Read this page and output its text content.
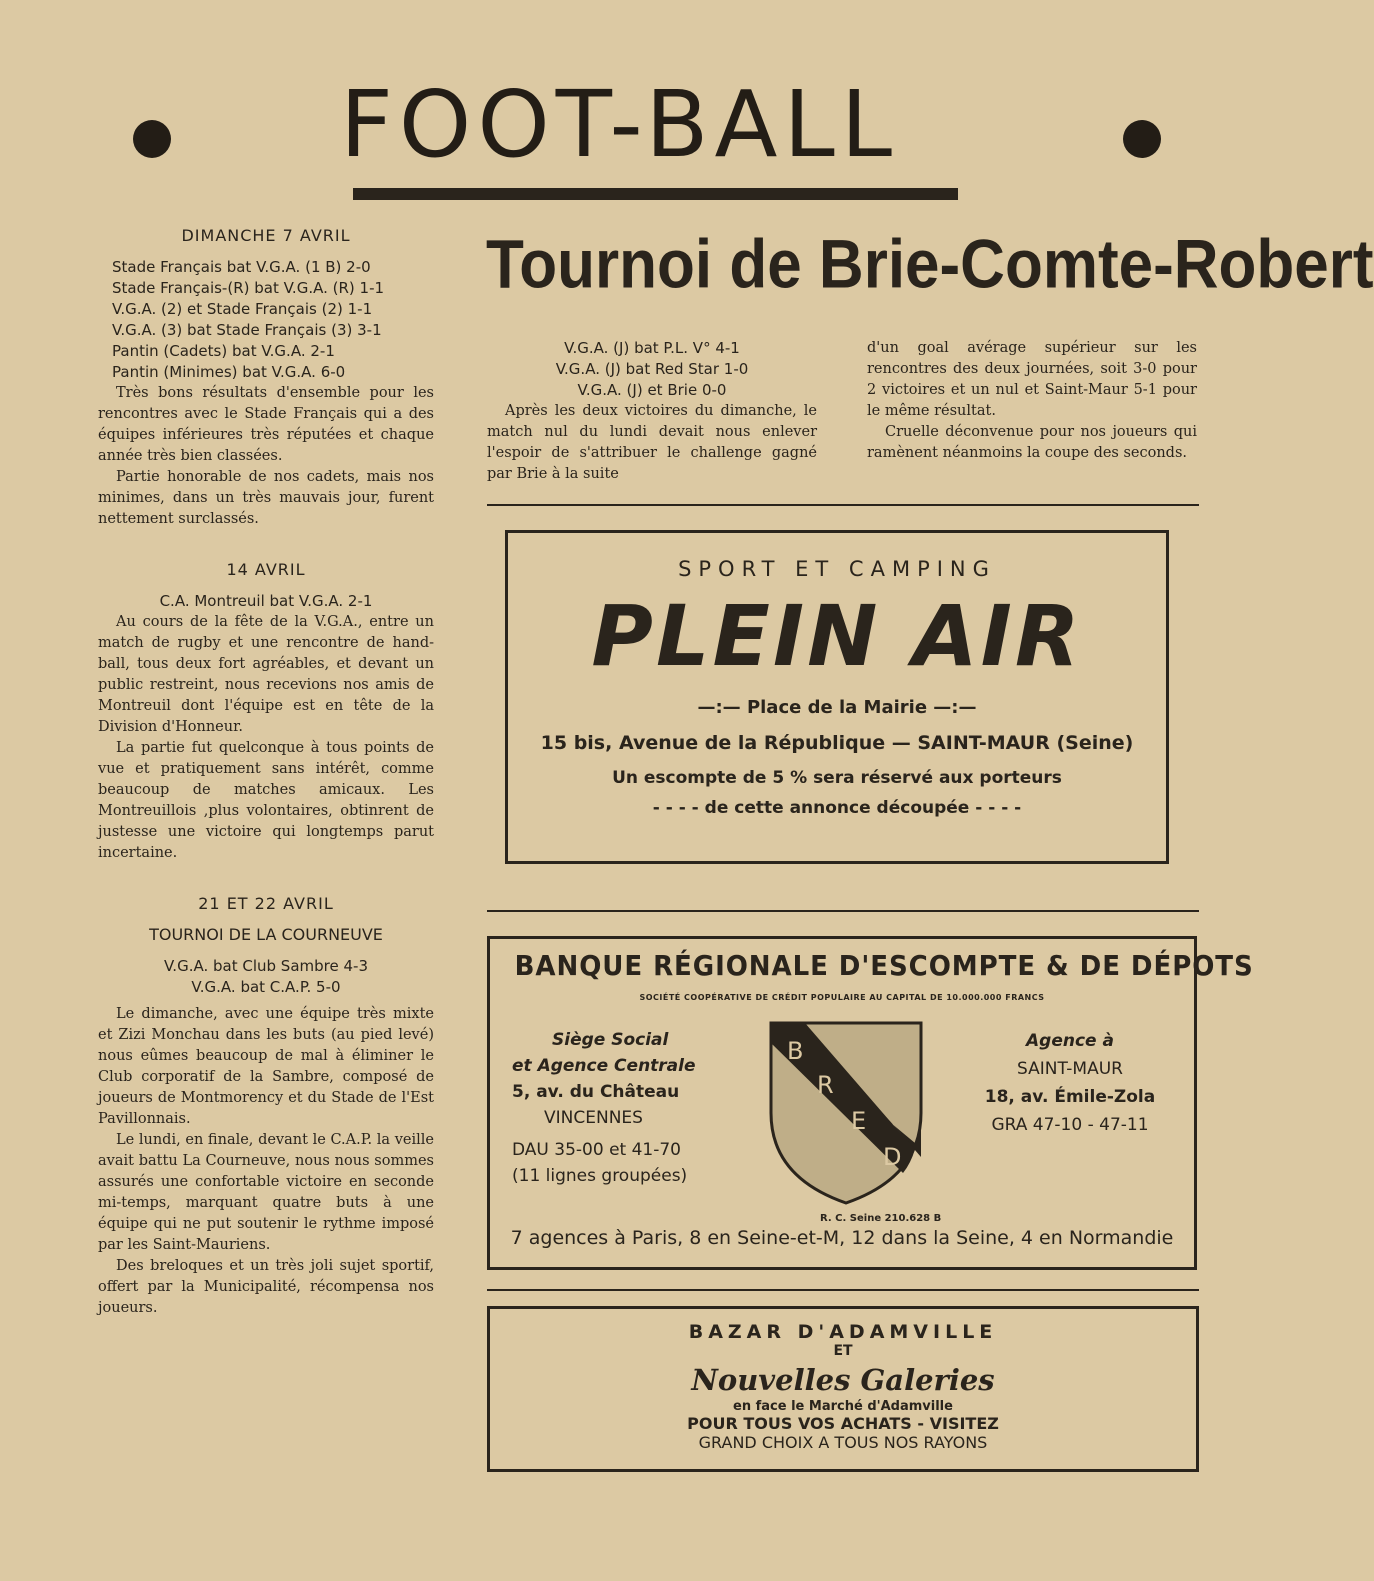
FOOT-BALL

DIMANCHE 7 AVRIL

Stade Français bat V.G.A. (1 B) 2-0

Stade Français-(R) bat V.G.A. (R) 1-1

V.G.A. (2) et Stade Français (2) 1-1

V.G.A. (3) bat Stade Français (3) 3-1

Pantin (Cadets) bat V.G.A. 2-1

Pantin (Minimes) bat V.G.A. 6-0

Très bons résultats d'ensemble pour les rencontres avec le Stade Français qui a des équipes inférieures très réputées et chaque année très bien classées.

Partie honorable de nos cadets, mais nos minimes, dans un très mauvais jour, furent nettement surclassés.

14 AVRIL

C.A. Montreuil bat V.G.A. 2-1

Au cours de la fête de la V.G.A., entre un match de rugby et une rencontre de hand-ball, tous deux fort agréables, et devant un public restreint, nous recevions nos amis de Montreuil dont l'équipe est en tête de la Division d'Honneur.

La partie fut quelconque à tous points de vue et pratiquement sans intérêt, comme beaucoup de matches amicaux. Les Montreuillois ,plus volontaires, obtinrent de justesse une victoire qui longtemps parut incertaine.

21 ET 22 AVRIL

TOURNOI DE LA COURNEUVE

V.G.A. bat Club Sambre 4-3

V.G.A. bat C.A.P. 5-0

Le dimanche, avec une équipe très mixte et Zizi Monchau dans les buts (au pied levé) nous eûmes beaucoup de mal à éliminer le Club corporatif de la Sambre, composé de joueurs de Montmorency et du Stade de l'Est Pavillonnais.

Le lundi, en finale, devant le C.A.P. la veille avait battu La Courneuve, nous nous sommes assurés une confortable victoire en seconde mi-temps, marquant quatre buts à une équipe qui ne put soutenir le rythme imposé par les Saint-Mauriens.

Des breloques et un très joli sujet sportif, offert par la Municipalité, récompensa nos joueurs.

Tournoi de Brie-Comte-Robert

V.G.A. (J) bat P.L. V° 4-1

V.G.A. (J) bat Red Star 1-0

V.G.A. (J) et Brie 0-0

Après les deux victoires du dimanche, le match nul du lundi devait nous enlever l'espoir de s'attribuer le challenge gagné par Brie à la suite

d'un goal avérage supérieur sur les rencontres des deux journées, soit 3-0 pour 2 victoires et un nul et Saint-Maur 5-1 pour le même résultat.

Cruelle déconvenue pour nos joueurs qui ramènent néanmoins la coupe des seconds.

SPORT ET CAMPING
PLEIN AIR
—:— Place de la Mairie —:—
15 bis, Avenue de la République — SAINT-MAUR (Seine)
Un escompte de 5 % sera réservé aux porteurs
- - - - de cette annonce découpée - - - -
BANQUE RÉGIONALE D'ESCOMPTE & DE DÉPOTS
SOCIÉTÉ COOPÉRATIVE DE CRÉDIT POPULAIRE AU CAPITAL DE 10.000.000 FRANCS
Siège Social
et Agence Centrale
5, av. du Château
VINCENNES
DAU 35-00 et 41-70
(11 lignes groupées)
B
R
E
D
Agence à
SAINT-MAUR
18, av. Émile-Zola
GRA 47-10 - 47-11
R. C. Seine 210.628 B
7 agences à Paris, 8 en Seine-et-M, 12 dans la Seine, 4 en Normandie
BAZAR D'ADAMVILLE
ET
Nouvelles Galeries
en face le Marché d'Adamville
POUR TOUS VOS ACHATS - VISITEZ
GRAND CHOIX A TOUS NOS RAYONS
